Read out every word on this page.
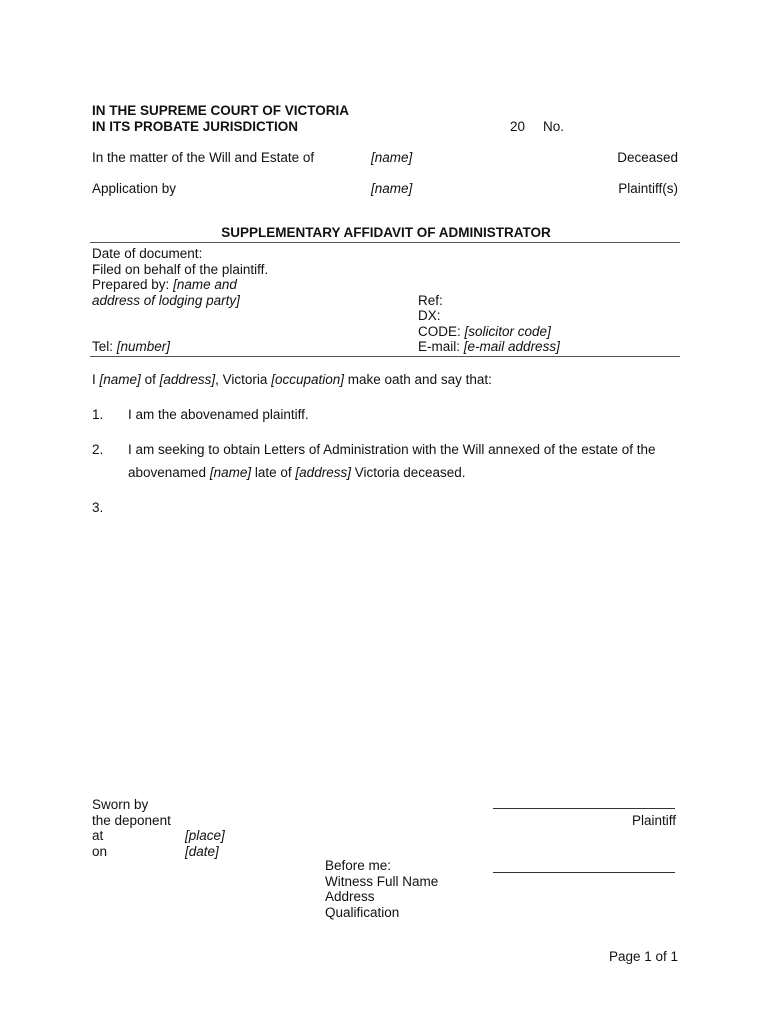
IN THE SUPREME COURT OF VICTORIA
IN ITS PROBATE JURISDICTION	20 No.
In the matter of the Will and Estate of	[name]	Deceased
Application by	[name]	Plaintiff(s)
SUPPLEMENTARY AFFIDAVIT OF ADMINISTRATOR
Date of document:
Filed on behalf of the plaintiff.
Prepared by: [name and
address of lodging party]	Ref:
DX:
CODE: [solicitor code]
Tel: [number]	E-mail: [e-mail address]
I [name] of [address], Victoria [occupation] make oath and say that:
1. I am the abovenamed plaintiff.
2. I am seeking to obtain Letters of Administration with the Will annexed of the estate of the abovenamed [name] late of [address] Victoria deceased.
3.
Sworn by
the deponent
at	[place]
on	[date]
Plaintiff
Before me:
Witness Full Name
Address
Qualification
Page 1 of 1
